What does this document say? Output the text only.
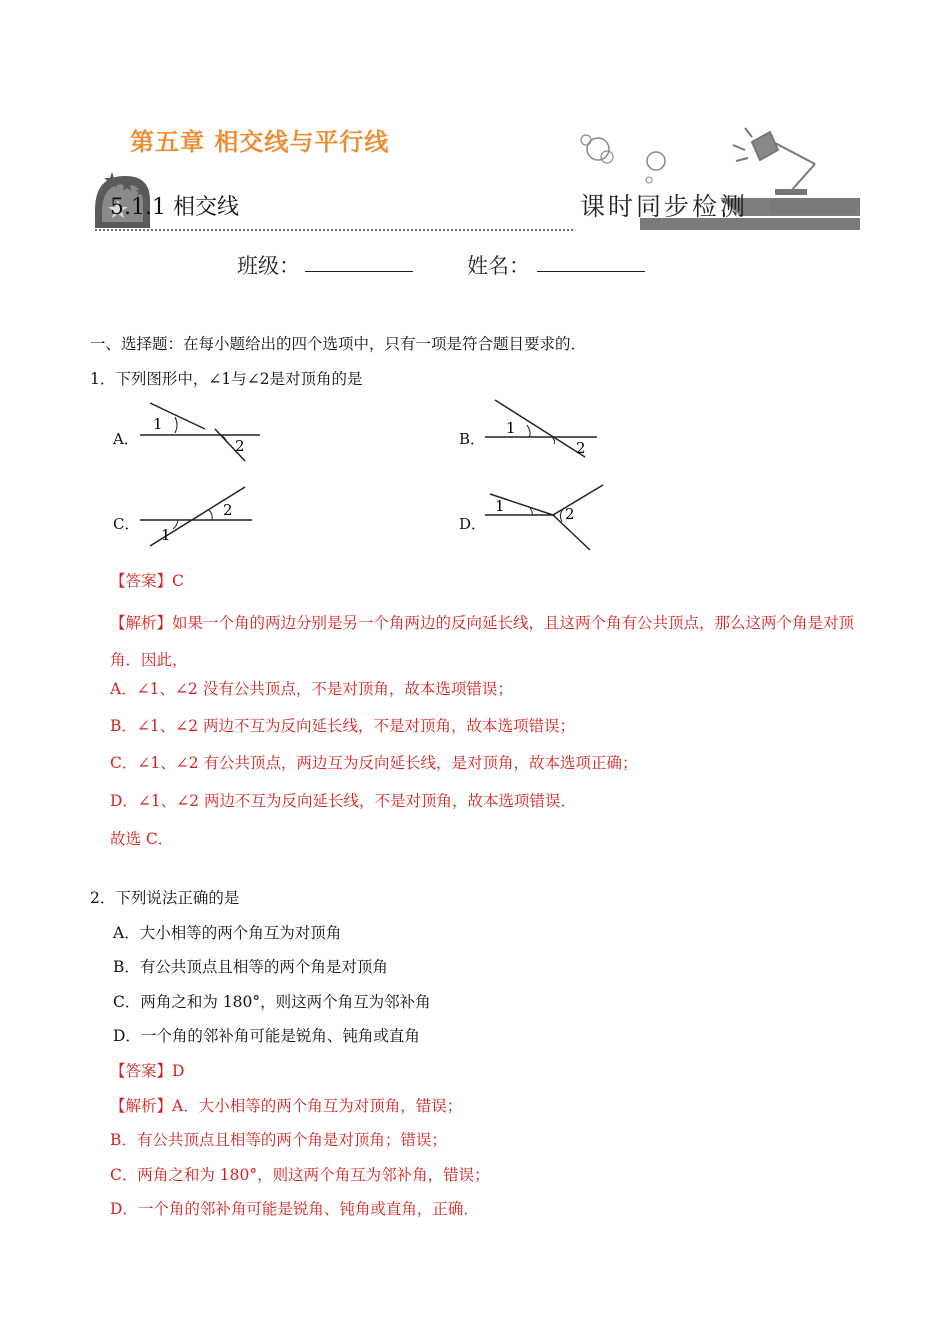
第五章 相交线与平行线
5.1.1 相交线	课时同步检测
班级：	姓名：
一、选择题：在每小题给出的四个选项中，只有一项是符合题目要求的．
1．下列图形中，∠1与∠2是对顶角的是
A．
1
2	B．
1
2
C．
1
2
D．
1	2
【答案】C
【解析】如果一个角的两边分别是另一个角两边的反向延长线，且这两个角有公共顶点，那么这两个角是对顶角．因此，
A．∠1、∠2 没有公共顶点，不是对顶角，故本选项错误；
B．∠1、∠2 两边不互为反向延长线，不是对顶角，故本选项错误；
C．∠1、∠2 有公共顶点，两边互为反向延长线，是对顶角，故本选项正确；
D．∠1、∠2 两边不互为反向延长线，不是对顶角，故本选项错误．
故选 C．
2．下列说法正确的是
A．大小相等的两个角互为对顶角
B．有公共顶点且相等的两个角是对顶角
C．两角之和为 180°，则这两个角互为邻补角
D．一个角的邻补角可能是锐角、钝角或直角
【答案】D
【解析】A．大小相等的两个角互为对顶角，错误；
B．有公共顶点且相等的两个角是对顶角；错误；
C．两角之和为 180°，则这两个角互为邻补角，错误；
D．一个角的邻补角可能是锐角、钝角或直角，正确．
